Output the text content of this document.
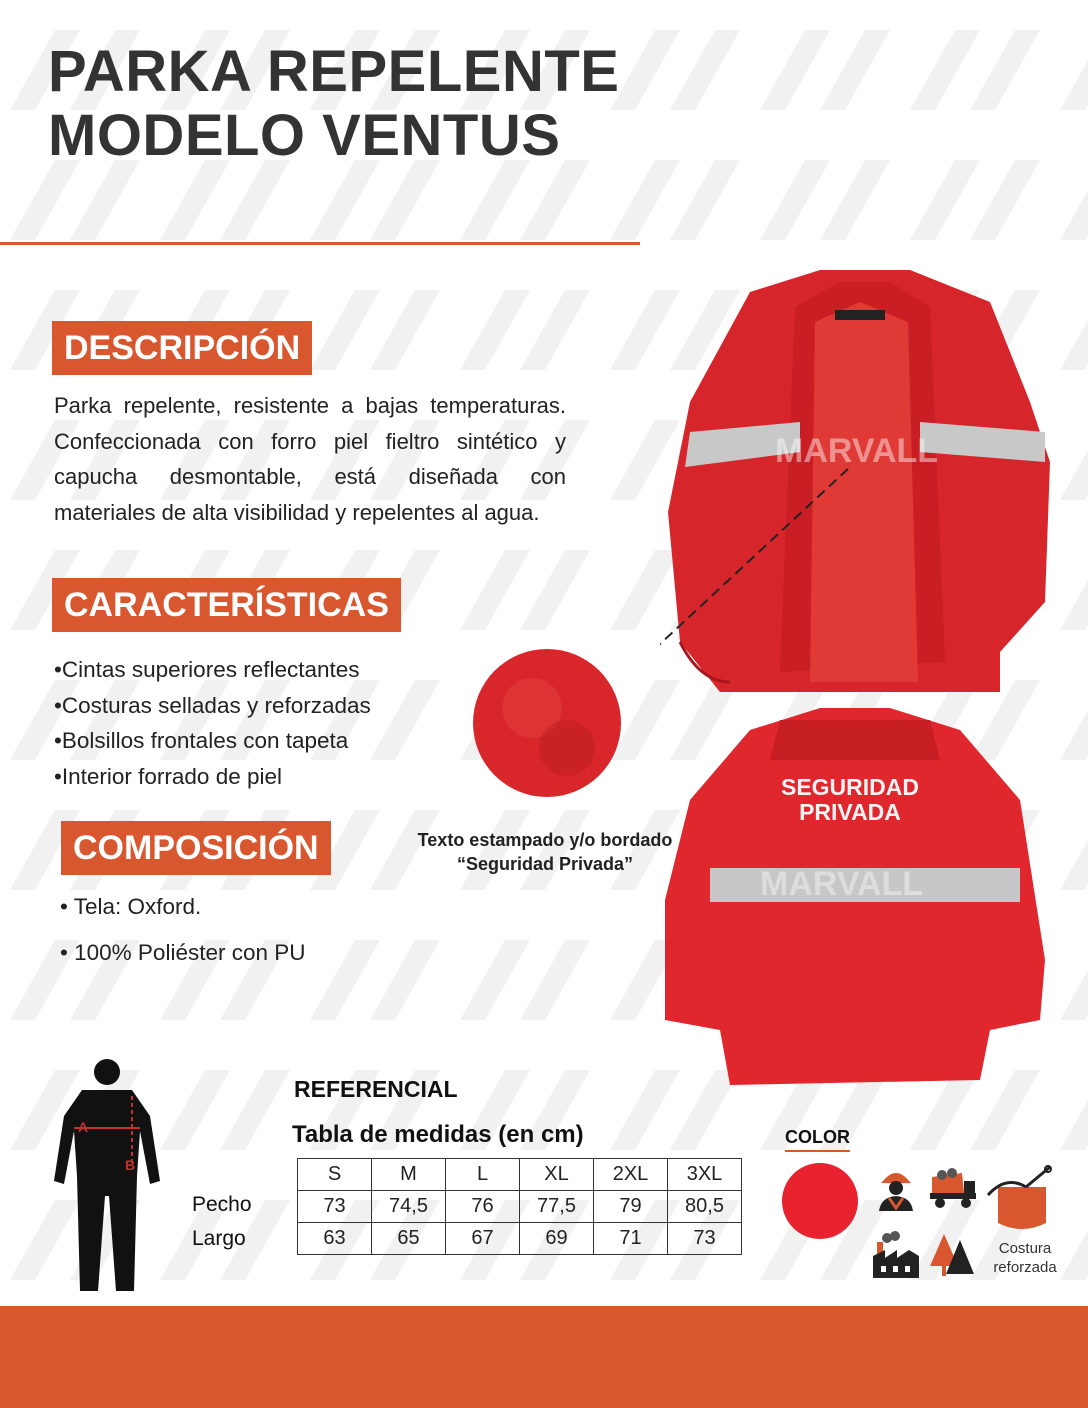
PARKA REPELENTE
MODELO VENTUS
DESCRIPCIÓN

Parka repelente, resistente a bajas temperaturas. Confeccionada con forro piel fieltro sintético y capucha desmontable, está diseñada con materiales de alta visibilidad y repelentes al agua.

CARACTERÍSTICAS
•Cintas superiores reflectantes
•Costuras selladas y reforzadas
•Bolsillos frontales con tapeta
•Interior forrado de piel
COMPOSICIÓN
• Tela: Oxford.
• 100% Poliéster con PU
MARVALL
SEGURIDAD
PRIVADA
MARVALL
Texto estampado y/o bordado
“Seguridad Privada”
A
B
REFERENCIAL
Tabla de medidas (en cm)
Pecho
Largo
S	M	L	XL	2XL	3XL
73	74,5	76	77,5	79	80,5
63	65	67	69	71	73
COLOR
Costura
reforzada
